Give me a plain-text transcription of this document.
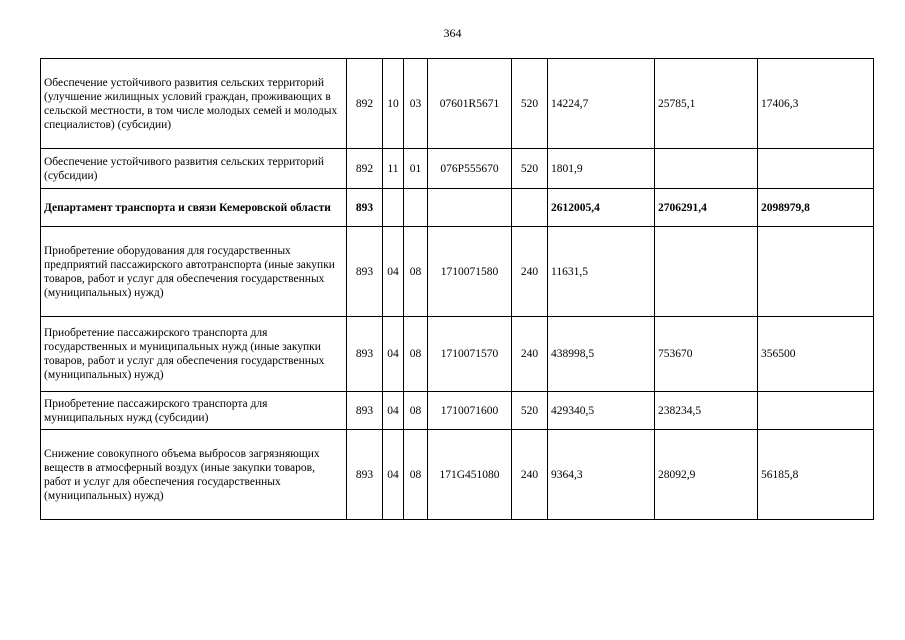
364
Обеспечение устойчивого развития сельских территорий (улучшение жилищных условий граждан, проживающих в сельской местности, в том числе молодых семей и молодых специалистов) (субсидии)	892	10	03	07601R5671	520	14224,7	25785,1	17406,3
Обеспечение устойчивого развития сельских территорий (субсидии)	892	11	01	076P555670	520	1801,9		
Департамент транспорта и связи Кемеровской области	893					2612005,4	2706291,4	2098979,8
Приобретение оборудования для государственных предприятий пассажирского автотранспорта (иные закупки товаров, работ и услуг для обеспечения государственных (муниципальных) нужд)	893	04	08	1710071580	240	11631,5		
Приобретение пассажирского транспорта для государственных и муниципальных нужд (иные закупки товаров, работ и услуг для обеспечения государственных (муниципальных) нужд)	893	04	08	1710071570	240	438998,5	753670	356500
Приобретение пассажирского транспорта для муниципальных нужд (субсидии)	893	04	08	1710071600	520	429340,5	238234,5	
Снижение совокупного объема выбросов загрязняющих веществ в атмосферный воздух (иные закупки товаров, работ и услуг для обеспечения государственных (муниципальных) нужд)	893	04	08	171G451080	240	9364,3	28092,9	56185,8
